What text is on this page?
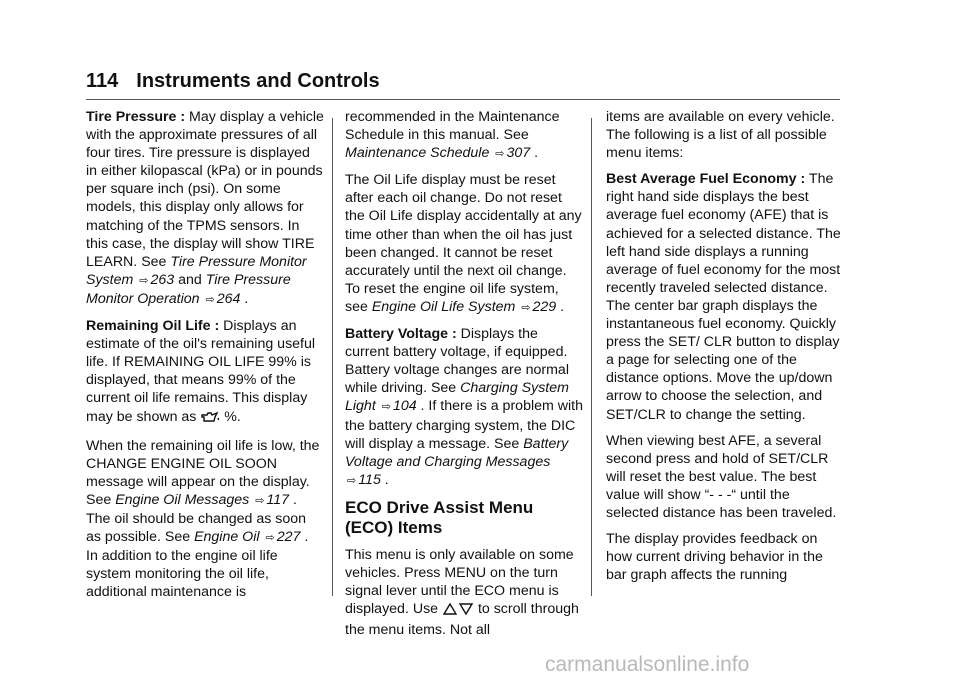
114 Instruments and Controls

Tire Pressure : May display a vehicle with the approximate pressures of all four tires. Tire pressure is displayed in either kilopascal (kPa) or in pounds per square inch (psi). On some models, this display only allows for matching of the TPMS sensors. In this case, the display will show TIRE LEARN. See Tire Pressure Monitor System ⇨ 263 and Tire Pressure Monitor Operation ⇨ 264 .

Remaining Oil Life : Displays an estimate of the oil's remaining useful life. If REMAINING OIL LIFE 99% is displayed, that means 99% of the current oil life remains. This display may be shown as  %.

When the remaining oil life is low, the CHANGE ENGINE OIL SOON message will appear on the display. See Engine Oil Messages ⇨ 117 . The oil should be changed as soon as possible. See Engine Oil ⇨ 227 . In addition to the engine oil life system monitoring the oil life, additional maintenance is

recommended in the Maintenance Schedule in this manual. See Maintenance Schedule ⇨ 307 .

The Oil Life display must be reset after each oil change. Do not reset the Oil Life display accidentally at any time other than when the oil has just been changed. It cannot be reset accurately until the next oil change. To reset the engine oil life system, see Engine Oil Life System ⇨ 229 .

Battery Voltage : Displays the current battery voltage, if equipped. Battery voltage changes are normal while driving. See Charging System Light ⇨ 104 . If there is a problem with the battery charging system, the DIC will display a message. See Battery Voltage and Charging Messages ⇨ 115 .

ECO Drive Assist Menu (ECO) Items

This menu is only available on some vehicles. Press MENU on the turn signal lever until the ECO menu is displayed. Use  to scroll through the menu items. Not all

items are available on every vehicle. The following is a list of all possible menu items:

Best Average Fuel Economy : The right hand side displays the best average fuel economy (AFE) that is achieved for a selected distance. The left hand side displays a running average of fuel economy for the most recently traveled selected distance. The center bar graph displays the instantaneous fuel economy. Quickly press the SET/ CLR button to display a page for selecting one of the distance options. Move the up/down arrow to choose the selection, and SET/CLR to change the setting.

When viewing best AFE, a several second press and hold of SET/CLR will reset the best value. The best value will show “- - -“ until the selected distance has been traveled.

The display provides feedback on how current driving behavior in the bar graph affects the running

carmanualsonline.info
